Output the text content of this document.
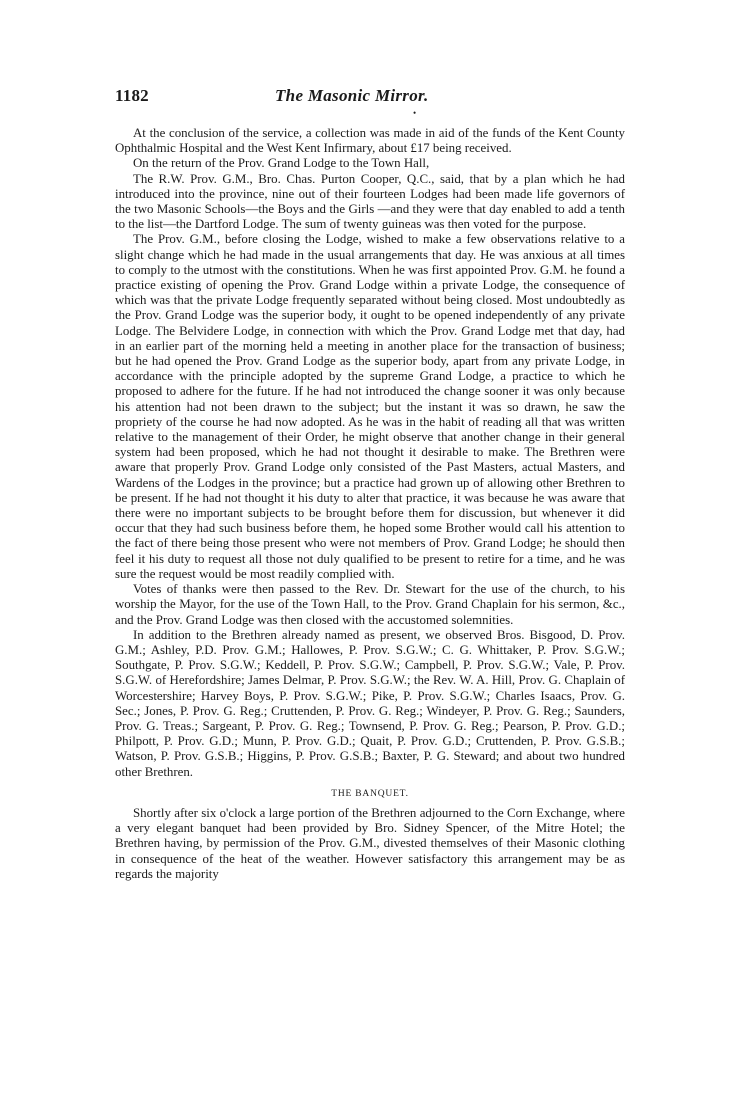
1182	The Masonic Mirror.
•

At the conclusion of the service, a collection was made in aid of the funds of the Kent County Ophthalmic Hospital and the West Kent Infirmary, about £17 being received.

On the return of the Prov. Grand Lodge to the Town Hall,

The R.W. Prov. G.M., Bro. Chas. Purton Cooper, Q.C., said, that by a plan which he had introduced into the province, nine out of their fourteen Lodges had been made life governors of the two Masonic Schools—the Boys and the Girls —and they were that day enabled to add a tenth to the list—the Dartford Lodge. The sum of twenty guineas was then voted for the purpose.

The Prov. G.M., before closing the Lodge, wished to make a few observations relative to a slight change which he had made in the usual arrangements that day. He was anxious at all times to comply to the utmost with the constitutions. When he was first appointed Prov. G.M. he found a practice existing of opening the Prov. Grand Lodge within a private Lodge, the consequence of which was that the private Lodge frequently separated without being closed. Most undoubtedly as the Prov. Grand Lodge was the superior body, it ought to be opened independently of any private Lodge. The Belvidere Lodge, in connection with which the Prov. Grand Lodge met that day, had in an earlier part of the morning held a meeting in another place for the transaction of business; but he had opened the Prov. Grand Lodge as the superior body, apart from any private Lodge, in accordance with the principle adopted by the supreme Grand Lodge, a practice to which he proposed to adhere for the future. If he had not introduced the change sooner it was only because his attention had not been drawn to the subject; but the instant it was so drawn, he saw the propriety of the course he had now adopted. As he was in the habit of reading all that was written relative to the management of their Order, he might observe that another change in their general system had been proposed, which he had not thought it desirable to make. The Brethren were aware that properly Prov. Grand Lodge only consisted of the Past Masters, actual Masters, and Wardens of the Lodges in the province; but a practice had grown up of allowing other Brethren to be present. If he had not thought it his duty to alter that practice, it was because he was aware that there were no important subjects to be brought before them for discussion, but whenever it did occur that they had such business before them, he hoped some Brother would call his attention to the fact of there being those present who were not members of Prov. Grand Lodge; he should then feel it his duty to request all those not duly qualified to be present to retire for a time, and he was sure the request would be most readily complied with.

Votes of thanks were then passed to the Rev. Dr. Stewart for the use of the church, to his worship the Mayor, for the use of the Town Hall, to the Prov. Grand Chaplain for his sermon, &c., and the Prov. Grand Lodge was then closed with the accustomed solemnities.

In addition to the Brethren already named as present, we observed Bros. Bisgood, D. Prov. G.M.; Ashley, P.D. Prov. G.M.; Hallowes, P. Prov. S.G.W.; C. G. Whittaker, P. Prov. S.G.W.; Southgate, P. Prov. S.G.W.; Keddell, P. Prov. S.G.W.; Campbell, P. Prov. S.G.W.; Vale, P. Prov. S.G.W. of Herefordshire; James Delmar, P. Prov. S.G.W.; the Rev. W. A. Hill, Prov. G. Chaplain of Worcestershire; Harvey Boys, P. Prov. S.G.W.; Pike, P. Prov. S.G.W.; Charles Isaacs, Prov. G. Sec.; Jones, P. Prov. G. Reg.; Cruttenden, P. Prov. G. Reg.; Windeyer, P. Prov. G. Reg.; Saunders, Prov. G. Treas.; Sargeant, P. Prov. G. Reg.; Townsend, P. Prov. G. Reg.; Pearson, P. Prov. G.D.; Philpott, P. Prov. G.D.; Munn, P. Prov. G.D.; Quait, P. Prov. G.D.; Cruttenden, P. Prov. G.S.B.; Watson, P. Prov. G.S.B.; Higgins, P. Prov. G.S.B.; Baxter, P. G. Steward; and about two hundred other Brethren.

THE BANQUET.

Shortly after six o'clock a large portion of the Brethren adjourned to the Corn Exchange, where a very elegant banquet had been provided by Bro. Sidney Spencer, of the Mitre Hotel; the Brethren having, by permission of the Prov. G.M., divested themselves of their Masonic clothing in consequence of the heat of the weather. However satisfactory this arrangement may be as regards the majority
